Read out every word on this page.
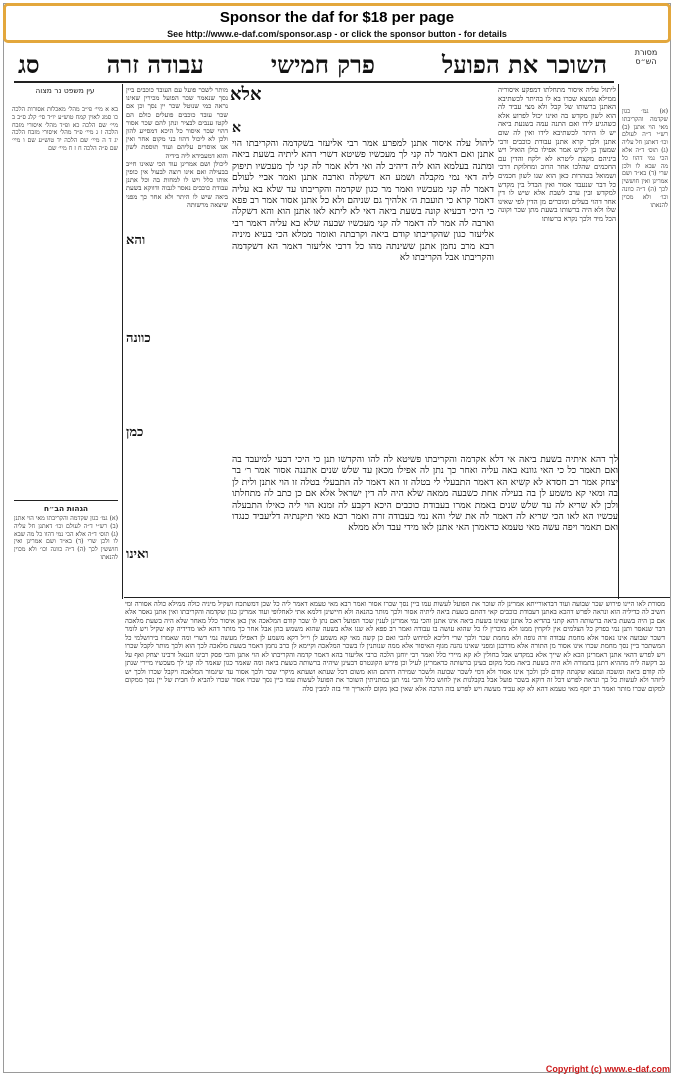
Sponsor the daf for $18 per page
See http://www.e-daf.com/sponsor.asp - or click the sponsor button - for details
מסורת הש״ס
השוכר את הפועל
פרק חמישי
עבודה זרה
סג
עין משפט נר מצוה

בא א מיי׳ פי״ב מהל׳ מאכלות אסורות הלכה כו סמג לאוין קמח טוש״ע יו״ד סי׳ קלג ס״ב ב מיי׳ שם הלכה כא ופ״ד מהל׳ איסורי מזבח הלכה ז ג מיי׳ פ״ד מהל׳ איסורי מזבח הלכה יג ד ה מיי׳ שם הלכה יד טוש״ע שם ו מיי׳ שם פ״ה הלכה ח ז ח מיי׳ שם

הגהות הב״ח

(א) גמ׳ כגון שקדמה והקריבתו מאי הוי אתנן (ב) רש״י ד״ה לעולם וכו׳ דאתנן חל עליה (ג) תוס׳ ד״ה אלא הכי נמי דהוו כל מה שבא לו ולכן שרי (ד) בא״ד ושם אמרינן ואין חוששין לכך (ה) ד״ה כוונה וכו׳ ולא מכוין להנאתו

מותר לשכר פועל עם העובד כוכבים ביין נסך שנאמר שכר הפועל מכירין שאינו נראה כמי שנוטל שכר יין נסך וכן אם שכר עובד כוכבים פועלים כולם הם לקטו ענבים לבציר ונתן להם שכר אסור דהוי שכר איסור כל היכא דמסייע להון ולכן לא ליכול דהוו בני מקום אחר ואין אנו אוסרים עליהם ועוד תוספת לשון והוא דמעבידא ליה בידיה

ליכולן ושם אמרינן עוד הכי שאינו חייב בבעילה ואם אינו רוצה לבעול אין כופין אותו כלל ויש לו למחות בה וכל אתנן עבודת כוכבים נאסר לגבוה ודווקא בשעת ביאה שיש לו היתר ולא אחר כך מפני שיצאה מרשותה

אלא
א
והא
כוונה
כמן
ואינו

ליהול עלה איסור אתנן למפרע אמר רבי אליעזר בשקדמה והקריבתו הוי אתנן ואם דאמר לה קני לך מעכשיו פשיטא דשרי דהא ליתיה בשעת ביאה ומתנה בעלמא הוא ליה דיהיב לה ואי דלא אמר לה קני לך מעכשיו תיפוק ליה דאי נמי מקבלה ושמע הא דשקלה וארבה אתנן ואמר אביי לעולם דאמר לה קני מעכשיו ואמר מר כגון שקדמה והקריבתו עד שלא בא עליה דאמר קרא כי תועבת ה׳ אלהיך גם שניהם ולא כל אתנן אסור אמר רב פפא כי היכי דבעיא קונה בשעת ביאה דאי לא ליתא לאו אתנן הוא והא דשקלה וארבה לה אמר לה דאמר לה קני מעכשיו שבעה שלא בא עליה דאמר רבי אליעזר כגון שהקריבתו קודם ביאה וקרבתה ואומר ממלא הכי בעיא מיניה רבא מרב נחמן אתנן ששינתה מהו כל דרבי אליעזר דאמר הא דשקדמה והקריבתו אבל הקריבתו לא

לך דהא איתיה בשעת ביאה אי דלא אקדמה והקריבתו פשיטא לה להו והקדשו תנן כי היכי דבעי למיעבד בה ואם תאמר כל כי האי גוונא באה עליה ואחר כך נתן לה אפילו מכאן עד שלש שנים אתננה אסור אמר ר׳ בר יצחק אמר רב חסדא לא קשיא הא דאמר התבעלי לי בטלה זו הא דאמר לה התבעלי בטלה זו הוי אתנן ולית לן בה ומאי קא משמע לן בה בעילה אחת כשבעה ממאה שלא היה לה דין ישראל אלא אם כן כתב לה מתחלתו ולכן לא שריא לה עד שלש שנים באמת אמרו בעבודת כוכבים היכא דקבע לה זמנא הוי ליה כאילו התבעלה עכשיו הא לאו הכי שריא לה דאמר לה את שלי והא נמי בעבודה זרה ואמר רבא מאי תיקנתיה דליעביד כנגדו ואם תאמר ויפה עשה מאי טעמא כדאמרן האי אתנן לאו מידי עבד ולא ממלא

ליתול עליה איסור מתחלתו דמפקע איסוריה ממילא ונמצא שכרו בא לו בהיתר לכשתיבא האתנן ברשותו של קבל ולא מצי עביד לה הוא לשון מקדש בה ואינו יכול לפרוע אלא כשהגיע לידו ואם התנה עמה בשנעת ביאה יש לו היתר לכשתיבא לידו ואין לה שום אתנן ולכך קרא אתנן עבודת כוכבים ורבי שמעון בן לקיש אמר אפילו כולן הואיל ויש ביניהם מקצת ליטרא לא ילקח והדין עם החכמים שהלכו אחר הרוב ומחלוקת דרבי ושמואל בטהרות כאן הוא שנו לשון חכמים כל דבר שנעבד אסור ואין הבדל בין מקדש למקדש ובין ערב לשבת אלא שיש לו דין אחר דהוי בעלים ומוכרים מן הדין לפי שאינו שלו ולא היה ברשותו בשעת מתן שכר וקונה הכל מיד ולכך נקרא ברשותו

(א) גמ׳ כגון שקדמה והקריבתו מאי הוי אתנן (ב) רש״י ד״ה לעולם וכו׳ דאתנן חל עליה (ג) תוס׳ ד״ה אלא הכי נמי דהוו כל מה שבא לו ולכן שרי (ד) בא״ד ושם אמרינן ואין חוששין לכך (ה) ד״ה כוונה וכו׳ ולא מכוין להנאתו

מסורת לאו היינו פירוש שכר שבועה ועוד דבדאורייתא אמרינן לה שוכר את הפועל לעשות עמו ביין נסך שכרו אסור ואמר רבא מאי טעמא דאמר ליה כל שכן דמשתכח ושקיל מיניה כולה ממילא כולה אסורה ומי חשיב לה כדיליה הוא ונראה לפרש דהכא באתנן דעבודת כוכבים קאי דהתם בשעת ביאה ליתיה אסור ולכך מותר בהנאה ולא חיישינן דלמא אתי לאחלופי ועוד אמרינן כגון שקדמה והקריבתו ואין אתנן נאסר אלא אם כן היה בשעת ביאה ברשותה דהא קתני בהדיא כל אתנן שאינו בשעת ביאה אינו אתנן והכי נמי אמרינן לענין שכר הפועל דאם נתן לו שכר קודם המלאכה אין כאן איסור כלל מאחר שלא היה בשעת מלאכה דבר שנאסר ותנן נמי בפרק כל הצלמים אין לוקחין ממנו ולא מוכרין לו כל שהוא עושה בו עבודה ואמר רב פפא לא שנו אלא בשעה שהוא משמש בהן אבל אחר כך מותר דהא לאו מדידיה קא שקיל ויש לומר דשכר שבועה אינו נאסר אלא מחמת עבודה זרה גופה ולא מחמת שכר ולכך שרי דליכא למיחש להכי ואם כן קשה מאי קא משמע לן וי״ל דקא משמע לן דאפילו מעשה נמי דשרי ומה שאמרו בירושלמי כל המשתכר ביין נסך מחמת שכרו אינו אסור מן התורה אלא מדרבנן ומפני שאינו נהנה מגוף האיסור אלא ממה שנותנין לו בשכר המלאכה וקיימא לן כרב נחמן דאמר בשעת מלאכה לכך הוא ולכך מותר לקבל שכרו ויש לפרש דהאי אתנן דאמרינן הכא לא שייך אלא במקדש אבל בחולין לא קא מיירי כלל ואמר רבי יוחנן הלכה כרבי אליעזר בהא דאמר קדמה והקריבתו לא הוי אתנן והכי פסק רבינו חננאל ורבינו יצחק ואף על גב דקשה ליה מההיא דתנן בתמורה ולא היה בשעת ביאה מכל מקום בעינן ברשותה כדאמרינן לעיל וכן פירש הקונטרס דבעינן שיהיה ברשותה בשעת ביאה ומה שאמר כגון שאמר לה קני לך מעכשיו מיירי שנתן לה קודם ביאה ומשכה ונמצא שקנתה קודם לכן ולכך אינו אסור ולא דמי לשכר שבועה ולשכר שמירה דהתם הוא משום דכל שעתא ושעתא מיקרי שכר ולכך אסור עד שיגמור המלאכה ויקבל שכרו ולכך יש ליזהר ולא לעשות כל כך ונראה לפרש דכל זה דוקא בשכר פועל אבל בקבלנות אין לחוש כלל והכי נמי תנן במתניתין השוכר את הפועל לעשות עמו ביין נסך שכרו אסור שכרו להביא לו חבית של יין נסך ממקום למקום שכרו מותר ואמר רב יוסף מאי טעמא דהא לא קא עביד מעשה ויש לפרש בזה הרבה אלא שאין כאן מקום להאריך ודי בזה למבין סלה

Copyright (c) www.e-daf.com
